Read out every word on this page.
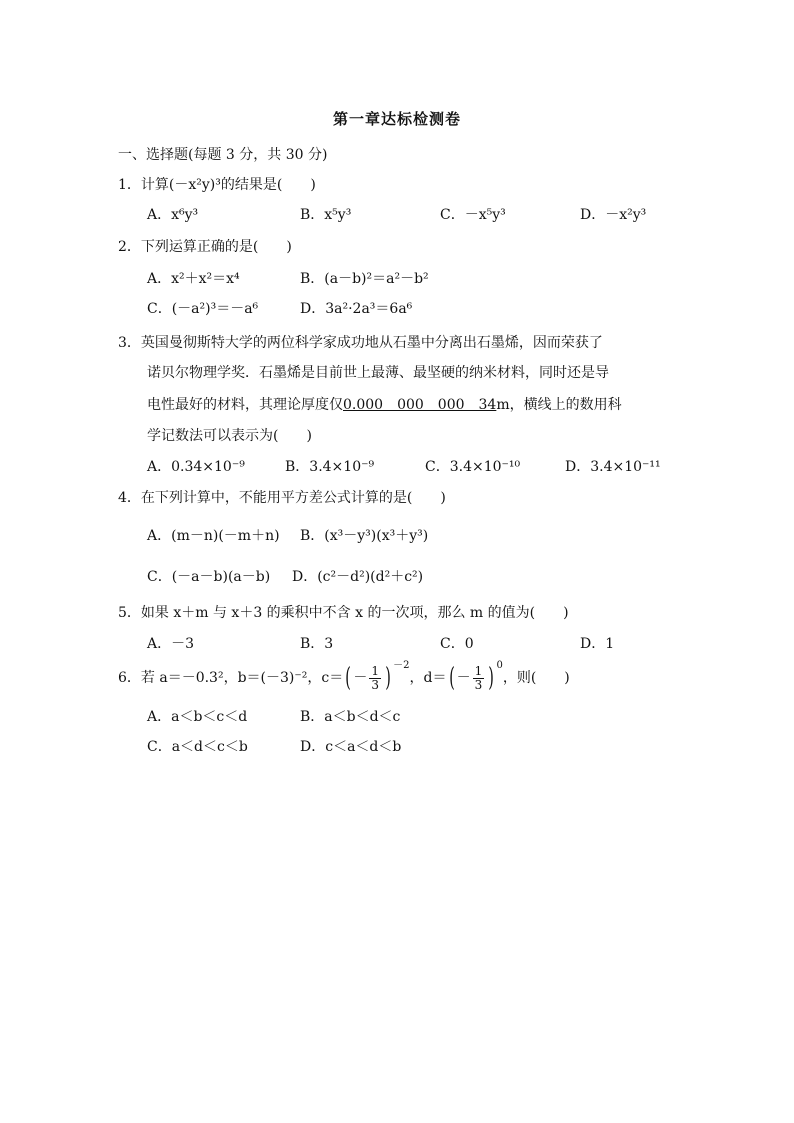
第一章达标检测卷
一、选择题(每题 3 分，共 30 分)
1．计算(－x²y)³的结果是(　　)
A．x⁶y³	B．x⁵y³	C．－x⁵y³	D．－x²y³
2．下列运算正确的是(　　)
A．x²＋x²＝x⁴	B．(a－b)²＝a²－b²
C．(－a²)³＝－a⁶	D．3a²·2a³＝6a⁶
3．英国曼彻斯特大学的两位科学家成功地从石墨中分离出石墨烯，因而荣获了
诺贝尔物理学奖．石墨烯是目前世上最薄、最坚硬的纳米材料，同时还是导
电性最好的材料，其理论厚度仅0.000　000　000　34m，横线上的数用科
学记数法可以表示为(　　)
A．0.34×10⁻⁹	B．3.4×10⁻⁹	C．3.4×10⁻¹⁰	D．3.4×10⁻¹¹
4．在下列计算中，不能用平方差公式计算的是(　　)
A．(m－n)(－m＋n) B．(x³－y³)(x³＋y³)
C．(－a－b)(a－b) D．(c²－d²)(d²＋c²)
5．如果 x＋m 与 x＋3 的乘积中不含 x 的一次项，那么 m 的值为(　　)
A．－3	B．3	C．0	D．1
6．若 a＝－0.3²，b＝(－3)⁻²，$c=( - \frac{1}{3}$ ) $^{-2}$，$d=( - \frac{1}{3}$ ) $^0$，则(　　)
A．a＜b＜c＜d	B．a＜b＜d＜c
C．a＜d＜c＜b	D．c＜a＜d＜b
